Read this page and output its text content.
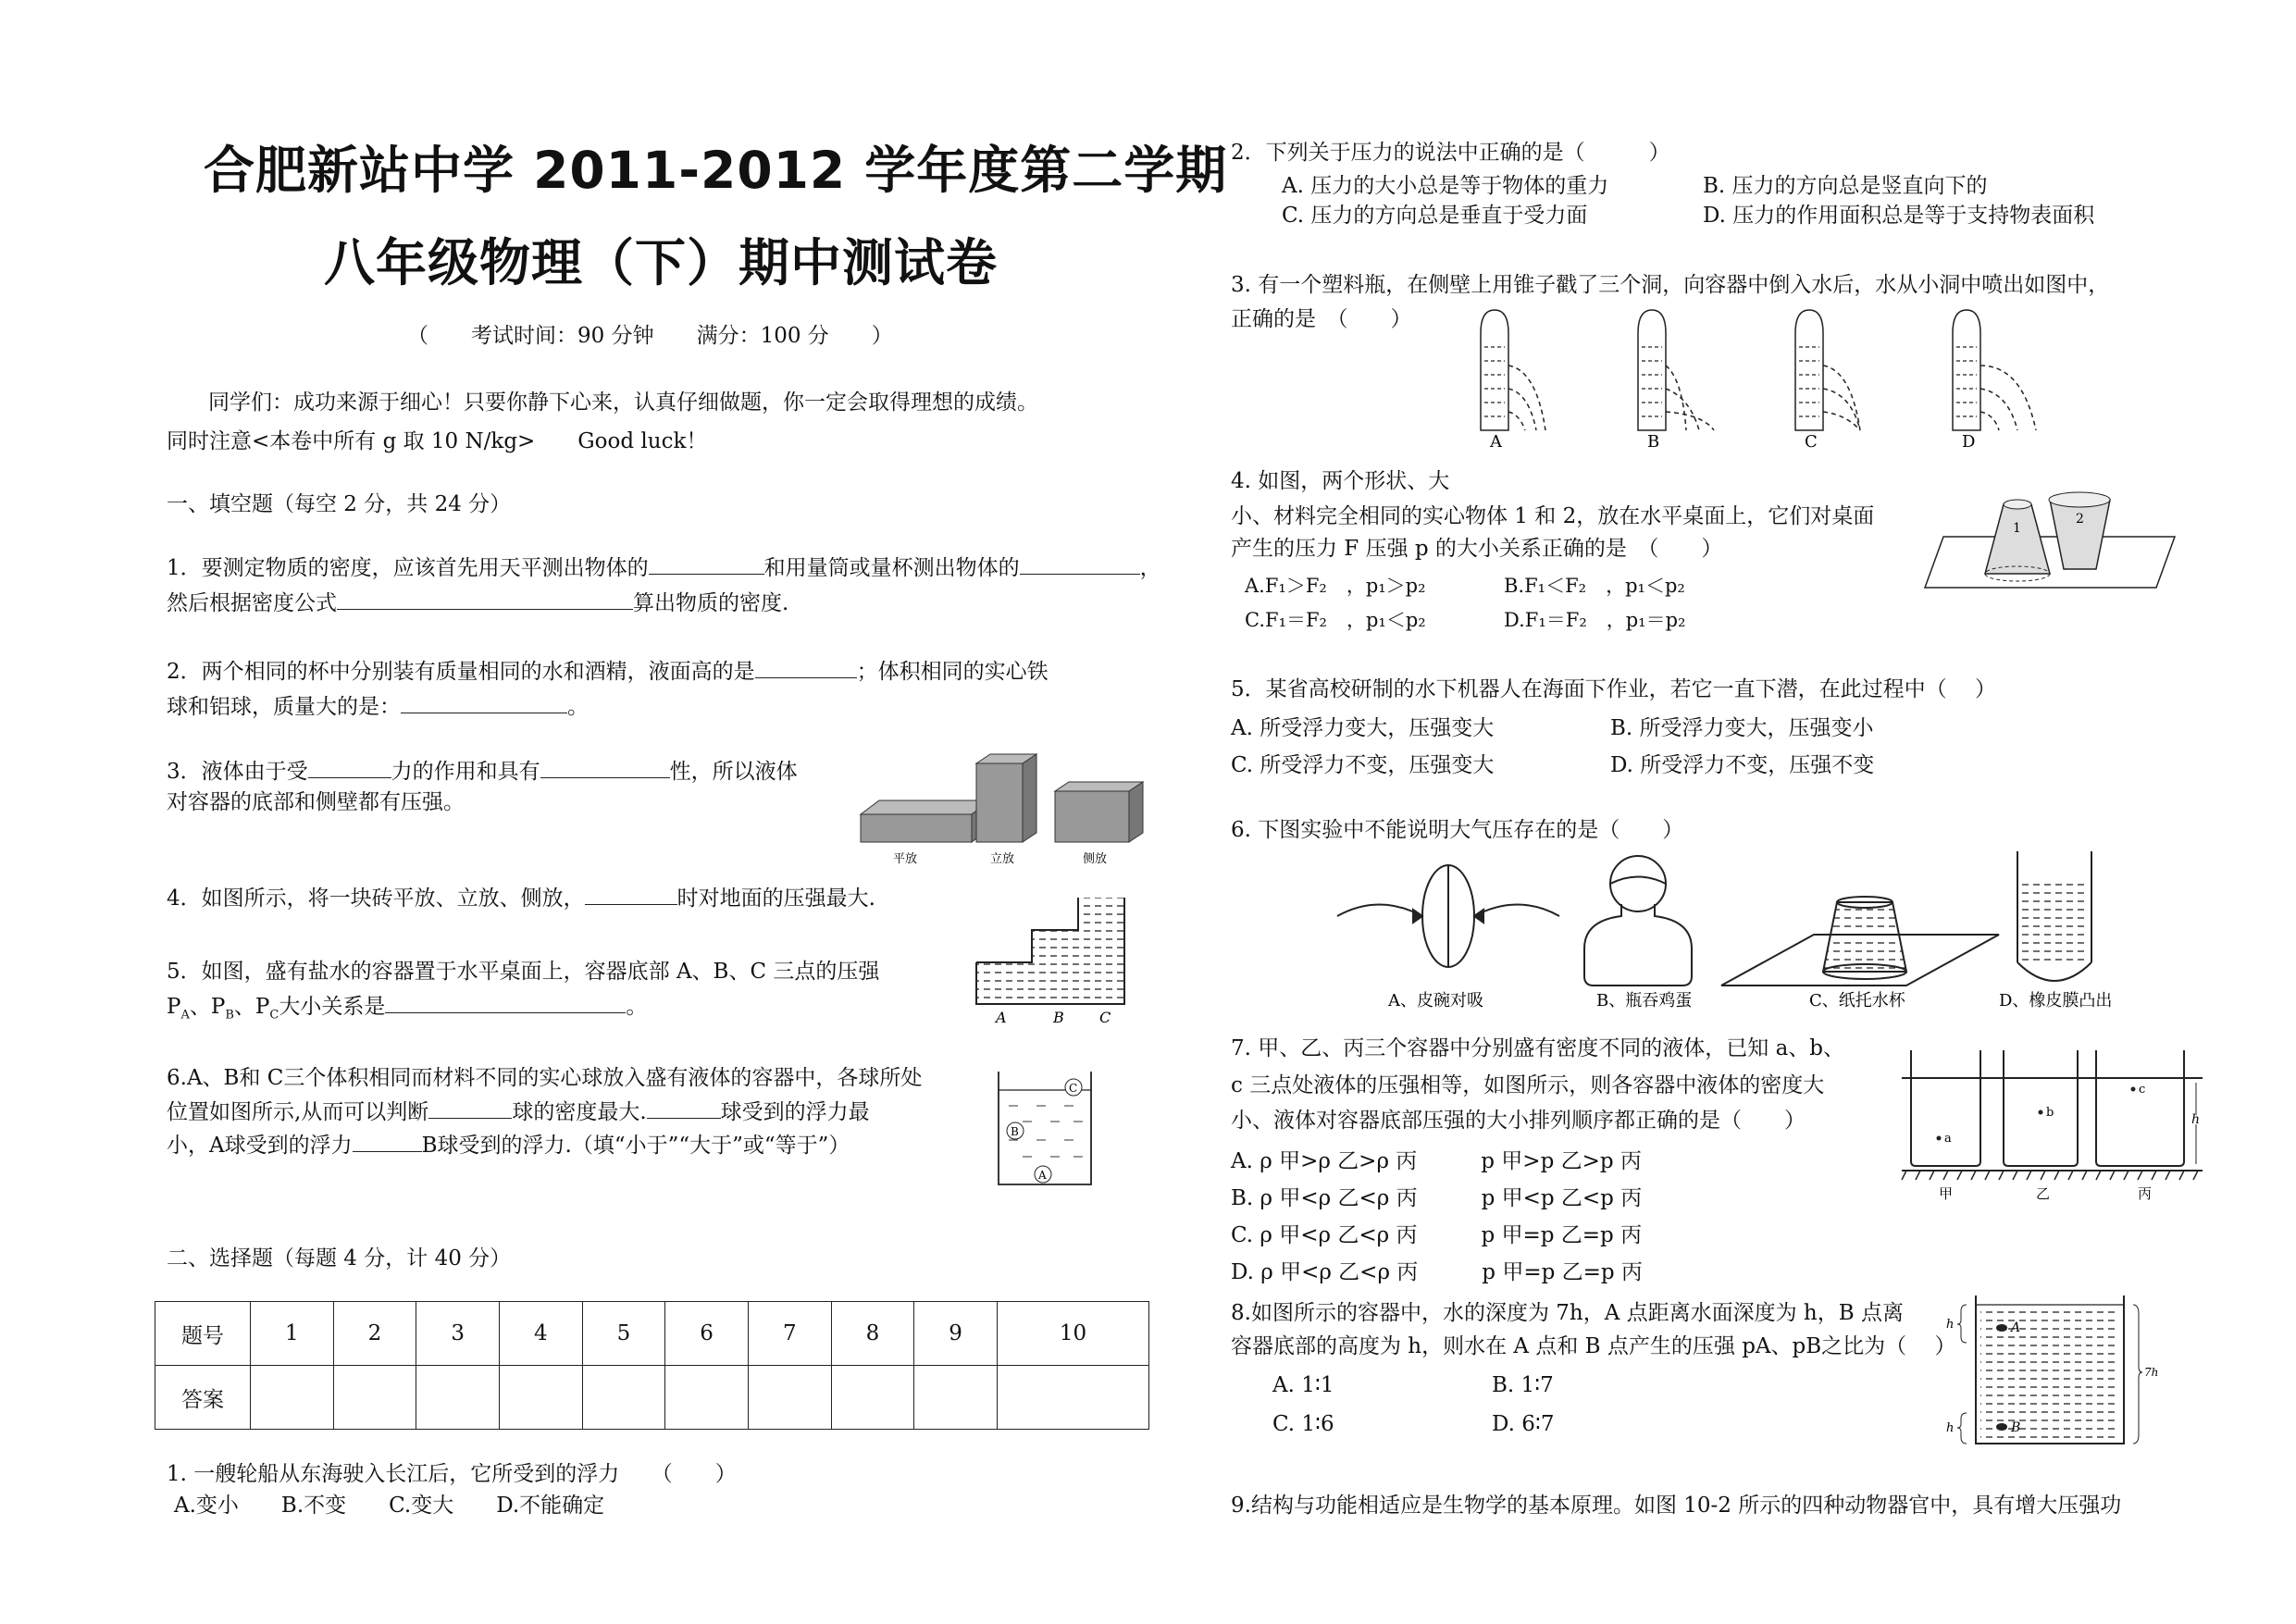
合肥新站中学 2011-2012 学年度第二学期
八年级物理（下）期中测试卷
（　　考试时间：90 分钟　　满分：100 分　　）
同学们：成功来源于细心！只要你静下心来，认真仔细做题，你一定会取得理想的成绩。
同时注意<本卷中所有 g 取 10 N/kg>　　Good luck！
一、填空题（每空 2 分，共 24 分）
1．要测定物质的密度，应该首先用天平测出物体的	和用量筒或量杯测出物体的	，
然后根据密度公式	算出物质的密度.
2．两个相同的杯中分别装有质量相同的水和酒精，液面高的是	；体积相同的实心铁
球和铝球，质量大的是：	。
3．液体由于受	力的作用和具有	性，所以液体
对容器的底部和侧壁都有压强。
平放	立放	侧放
4．如图所示，将一块砖平放、立放、侧放，	时对地面的压强最大.
A	B C
5．如图，盛有盐水的容器置于水平桌面上，容器底部 A、B、C 三点的压强
$P_A$、$P_B$、$P_C$大小关系是	。
6.A、B和 C三个体积相同而材料不同的实心球放入盛有液体的容器中，各球所处
位置如图所示,从而可以判断	球的密度最大.	球受到的浮力最
小，A球受到的浮力	B球受到的浮力.（填“小于”“大于”或“等于”）
C
B
A
二、选择题（每题 4 分，计 40 分）
题号	1	2	3	4	5	6	7	8	9	10
答案										
1. 一艘轮船从东海驶入长江后，它所受到的浮力　　（　　）
A.变小　　B.不变　　C.变大　　D.不能确定
2．下列关于压力的说法中正确的是（　　　）
A. 压力的大小总是等于物体的重力	B. 压力的方向总是竖直向下的
C. 压力的方向总是垂直于受力面	D. 压力的作用面积总是等于支持物表面积
3. 有一个塑料瓶，在侧壁上用锥子戳了三个洞，向容器中倒入水后，水从小洞中喷出如图中，
正确的是　（　　）
A	B	C	D
4. 如图，两个形状、大
小、材料完全相同的实心物体 1 和 2，放在水平桌面上，它们对桌面
产生的压力 F 压强 p 的大小关系正确的是　（　　）
A.F₁＞F₂　，p₁＞p₂	B.F₁＜F₂　，p₁＜p₂
C.F₁＝F₂　，p₁＜p₂	D.F₁＝F₂　，p₁＝p₂
1
2
5．某省高校研制的水下机器人在海面下作业，若它一直下潜，在此过程中（　 ）
A. 所受浮力变大，压强变大	B. 所受浮力变大，压强变小
C. 所受浮力不变，压强变大	D. 所受浮力不变，压强不变
6. 下图实验中不能说明大气压存在的是（　　）
A、皮碗对吸	B、瓶吞鸡蛋	C、纸托水杯	D、橡皮膜凸出
7. 甲、乙、丙三个容器中分别盛有密度不同的液体，已知 a、b、
c 三点处液体的压强相等，如图所示，则各容器中液体的密度大
小、液体对容器底部压强的大小排列顺序都正确的是（　　）
A. ρ 甲>ρ 乙>ρ 丙　　　p 甲>p 乙>p 丙
B. ρ 甲<ρ 乙<ρ 丙　　　p 甲<p 乙<p 丙
C. ρ 甲<ρ 乙<ρ 丙　　　p 甲=p 乙=p 丙
D. ρ 甲<ρ 乙<ρ 丙　　　p 甲=p 乙=p 丙
a
b
c
h
甲	乙	丙
8.如图所示的容器中，水的深度为 7h，A 点距离水面深度为 h，B 点离
容器底部的高度为 h，则水在 A 点和 B 点产生的压强 pA、pB之比为（　 ）
A. 1∶1	B. 1∶7
C. 1∶6	D. 6∶7
h	A
7h
h	B
9.结构与功能相适应是生物学的基本原理。如图 10-2 所示的四种动物器官中，具有增大压强功
